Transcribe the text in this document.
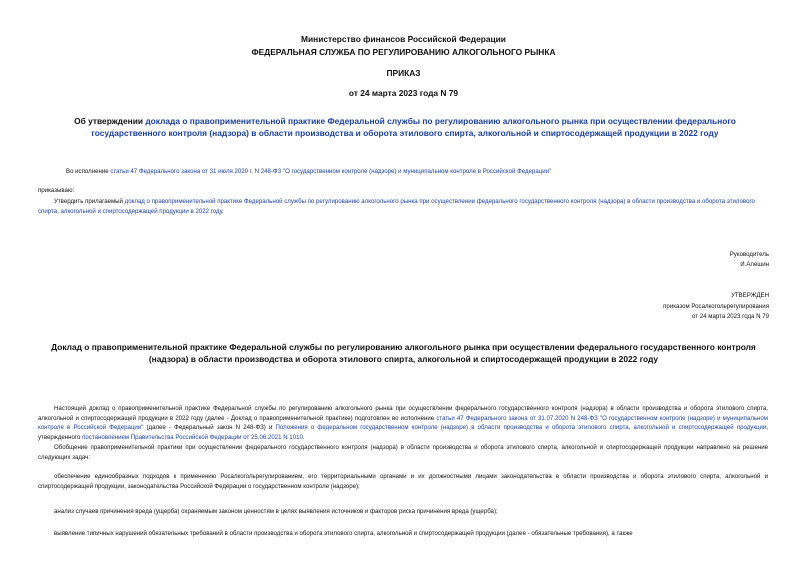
Министерство финансов Российской Федерации
ФЕДЕРАЛЬНАЯ СЛУЖБА ПО РЕГУЛИРОВАНИЮ АЛКОГОЛЬНОГО РЫНКА
ПРИКАЗ
от 24 марта 2023 года N 79
Об утверждении доклада о правоприменительной практике Федеральной службы по регулированию алкогольного рынка при осуществлении федерального государственного контроля (надзора) в области производства и оборота этилового спирта, алкогольной и спиртосодержащей продукции в 2022 году
Во исполнение статьи 47 Федерального закона от 31 июля 2020 г. N 248-ФЗ "О государственном контроле (надзоре) и муниципальном контроле в Российской Федерации"
приказываю:
Утвердить прилагаемый доклад о правоприменительной практике Федеральной службы по регулированию алкогольного рынка при осуществлении федерального государственного контроля (надзора) в области производства и оборота этилового спирта, алкогольной и спиртосодержащей продукции в 2022 году.
Руководитель
И.Алешин
УТВЕРЖДЕН
приказом Росалкогольрегулирования
от 24 марта 2023 года N 79
Доклад о правоприменительной практике Федеральной службы по регулированию алкогольного рынка при осуществлении федерального государственного контроля (надзора) в области производства и оборота этилового спирта, алкогольной и спиртосодержащей продукции в 2022 году
Настоящий доклад о правоприменительной практике Федеральной службы по регулированию алкогольного рынка при осуществлении федерального государственного контроля (надзора) в области производства и оборота этилового спирта, алкогольной и спиртосодержащей продукции в 2022 году (далее - Доклад о правоприменительной практике) подготовлен во исполнение статьи 47 Федерального закона от 31.07.2020 N 248-ФЗ "О государственном контроле (надзоре) и муниципальном контроле в Российской Федерации" (далее - Федеральный закон N 248-ФЗ) и Положения о федеральном государственном контроле (надзоре) в области производства и оборота этилового спирта, алкогольной и спиртосодержащей продукции, утвержденного постановлением Правительства Российской Федерации от 25.06.2021 N 1010.
Обобщение правоприменительной практики при осуществлении федерального государственного контроля (надзора) в области производства и оборота этилового спирта, алкогольной и спиртосодержащей продукции направлено на решение следующих задач:
обеспечение единообразных подходов к применению Росалкогольрегулированием, его территориальными органами и их должностными лицами законодательства в области производства и оборота этилового спирта, алкогольной и спиртосодержащей продукции, законодательства Российской Федерации о государственном контроле (надзоре);
анализ случаев причинения вреда (ущерба) охраняемым законом ценностям в целях выявления источников и факторов риска причинения вреда (ущерба);
выявление типичных нарушений обязательных требований в области производства и оборота этилового спирта, алкогольной и спиртосодержащей продукции (далее - обязательные требования), а также
